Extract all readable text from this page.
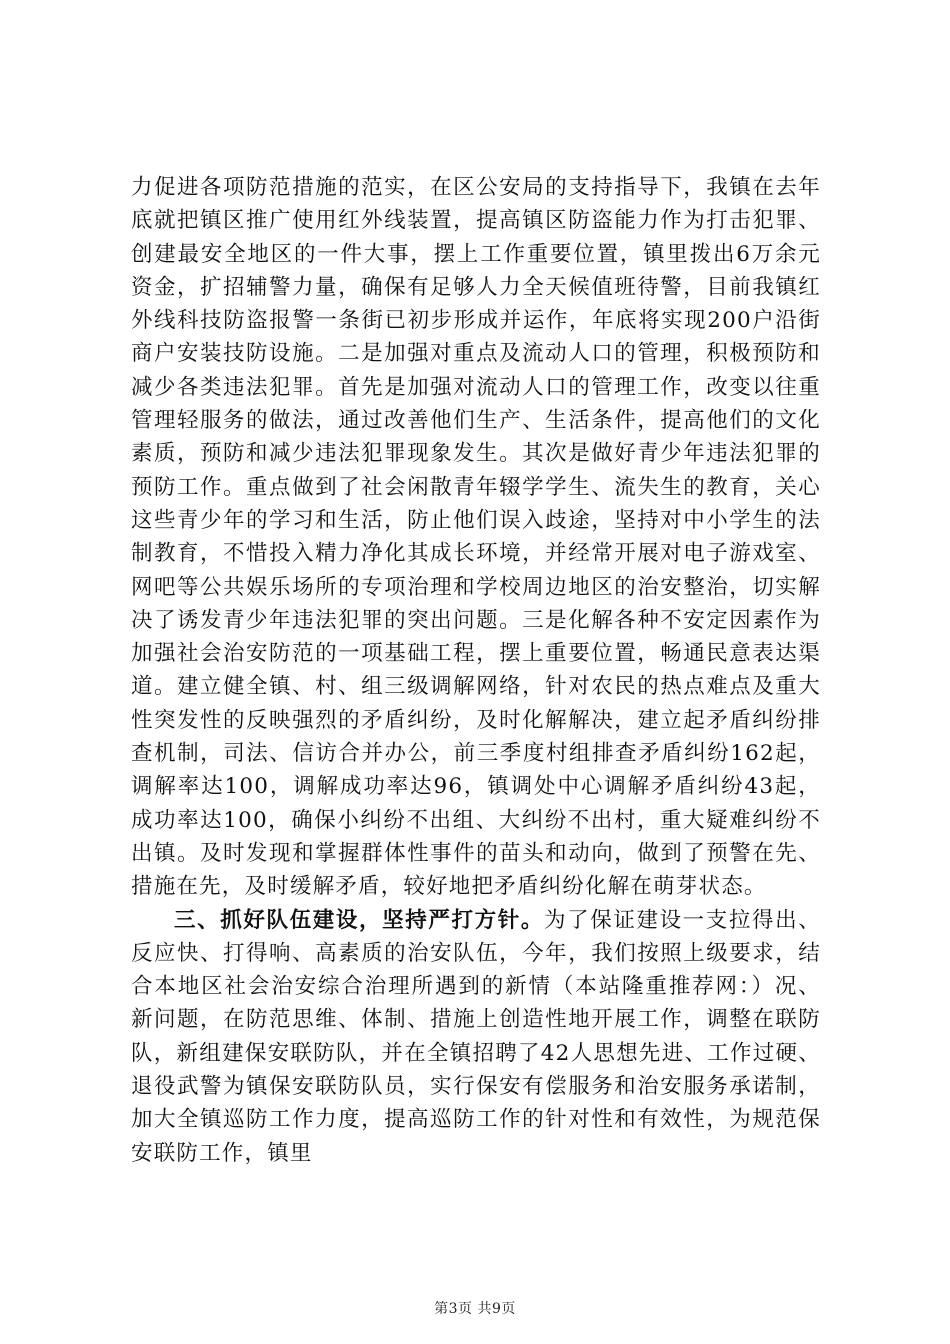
力促进各项防范措施的范实，在区公安局的支持指导下，我镇在去年底就把镇区推广使用红外线装置，提高镇区防盗能力作为打击犯罪、创建最安全地区的一件大事，摆上工作重要位置，镇里拨出6万余元资金，扩招辅警力量，确保有足够人力全天候值班待警，目前我镇红外线科技防盗报警一条街已初步形成并运作，年底将实现200户沿街商户安装技防设施。二是加强对重点及流动人口的管理，积极预防和减少各类违法犯罪。首先是加强对流动人口的管理工作，改变以往重管理轻服务的做法，通过改善他们生产、生活条件，提高他们的文化素质，预防和减少违法犯罪现象发生。其次是做好青少年违法犯罪的预防工作。重点做到了社会闲散青年辍学学生、流失生的教育，关心这些青少年的学习和生活，防止他们误入歧途，坚持对中小学生的法制教育，不惜投入精力净化其成长环境，并经常开展对电子游戏室、网吧等公共娱乐场所的专项治理和学校周边地区的治安整治，切实解决了诱发青少年违法犯罪的突出问题。三是化解各种不安定因素作为加强社会治安防范的一项基础工程，摆上重要位置，畅通民意表达渠道。建立健全镇、村、组三级调解网络，针对农民的热点难点及重大性突发性的反映强烈的矛盾纠纷，及时化解解决，建立起矛盾纠纷排查机制，司法、信访合并办公，前三季度村组排查矛盾纠纷162起，调解率达100，调解成功率达96，镇调处中心调解矛盾纠纷43起，成功率达100，确保小纠纷不出组、大纠纷不出村，重大疑难纠纷不出镇。及时发现和掌握群体性事件的苗头和动向，做到了预警在先、措施在先，及时缓解矛盾，较好地把矛盾纠纷化解在萌芽状态。

三、抓好队伍建设，坚持严打方针。为了保证建设一支拉得出、反应快、打得响、高素质的治安队伍，今年，我们按照上级要求，结合本地区社会治安综合治理所遇到的新情（本站隆重推荐网：）况、新问题，在防范思维、体制、措施上创造性地开展工作，调整在联防队，新组建保安联防队，并在全镇招聘了42人思想先进、工作过硬、退役武警为镇保安联防队员，实行保安有偿服务和治安服务承诺制，加大全镇巡防工作力度，提高巡防工作的针对性和有效性，为规范保安联防工作，镇里

第3页 共9页
